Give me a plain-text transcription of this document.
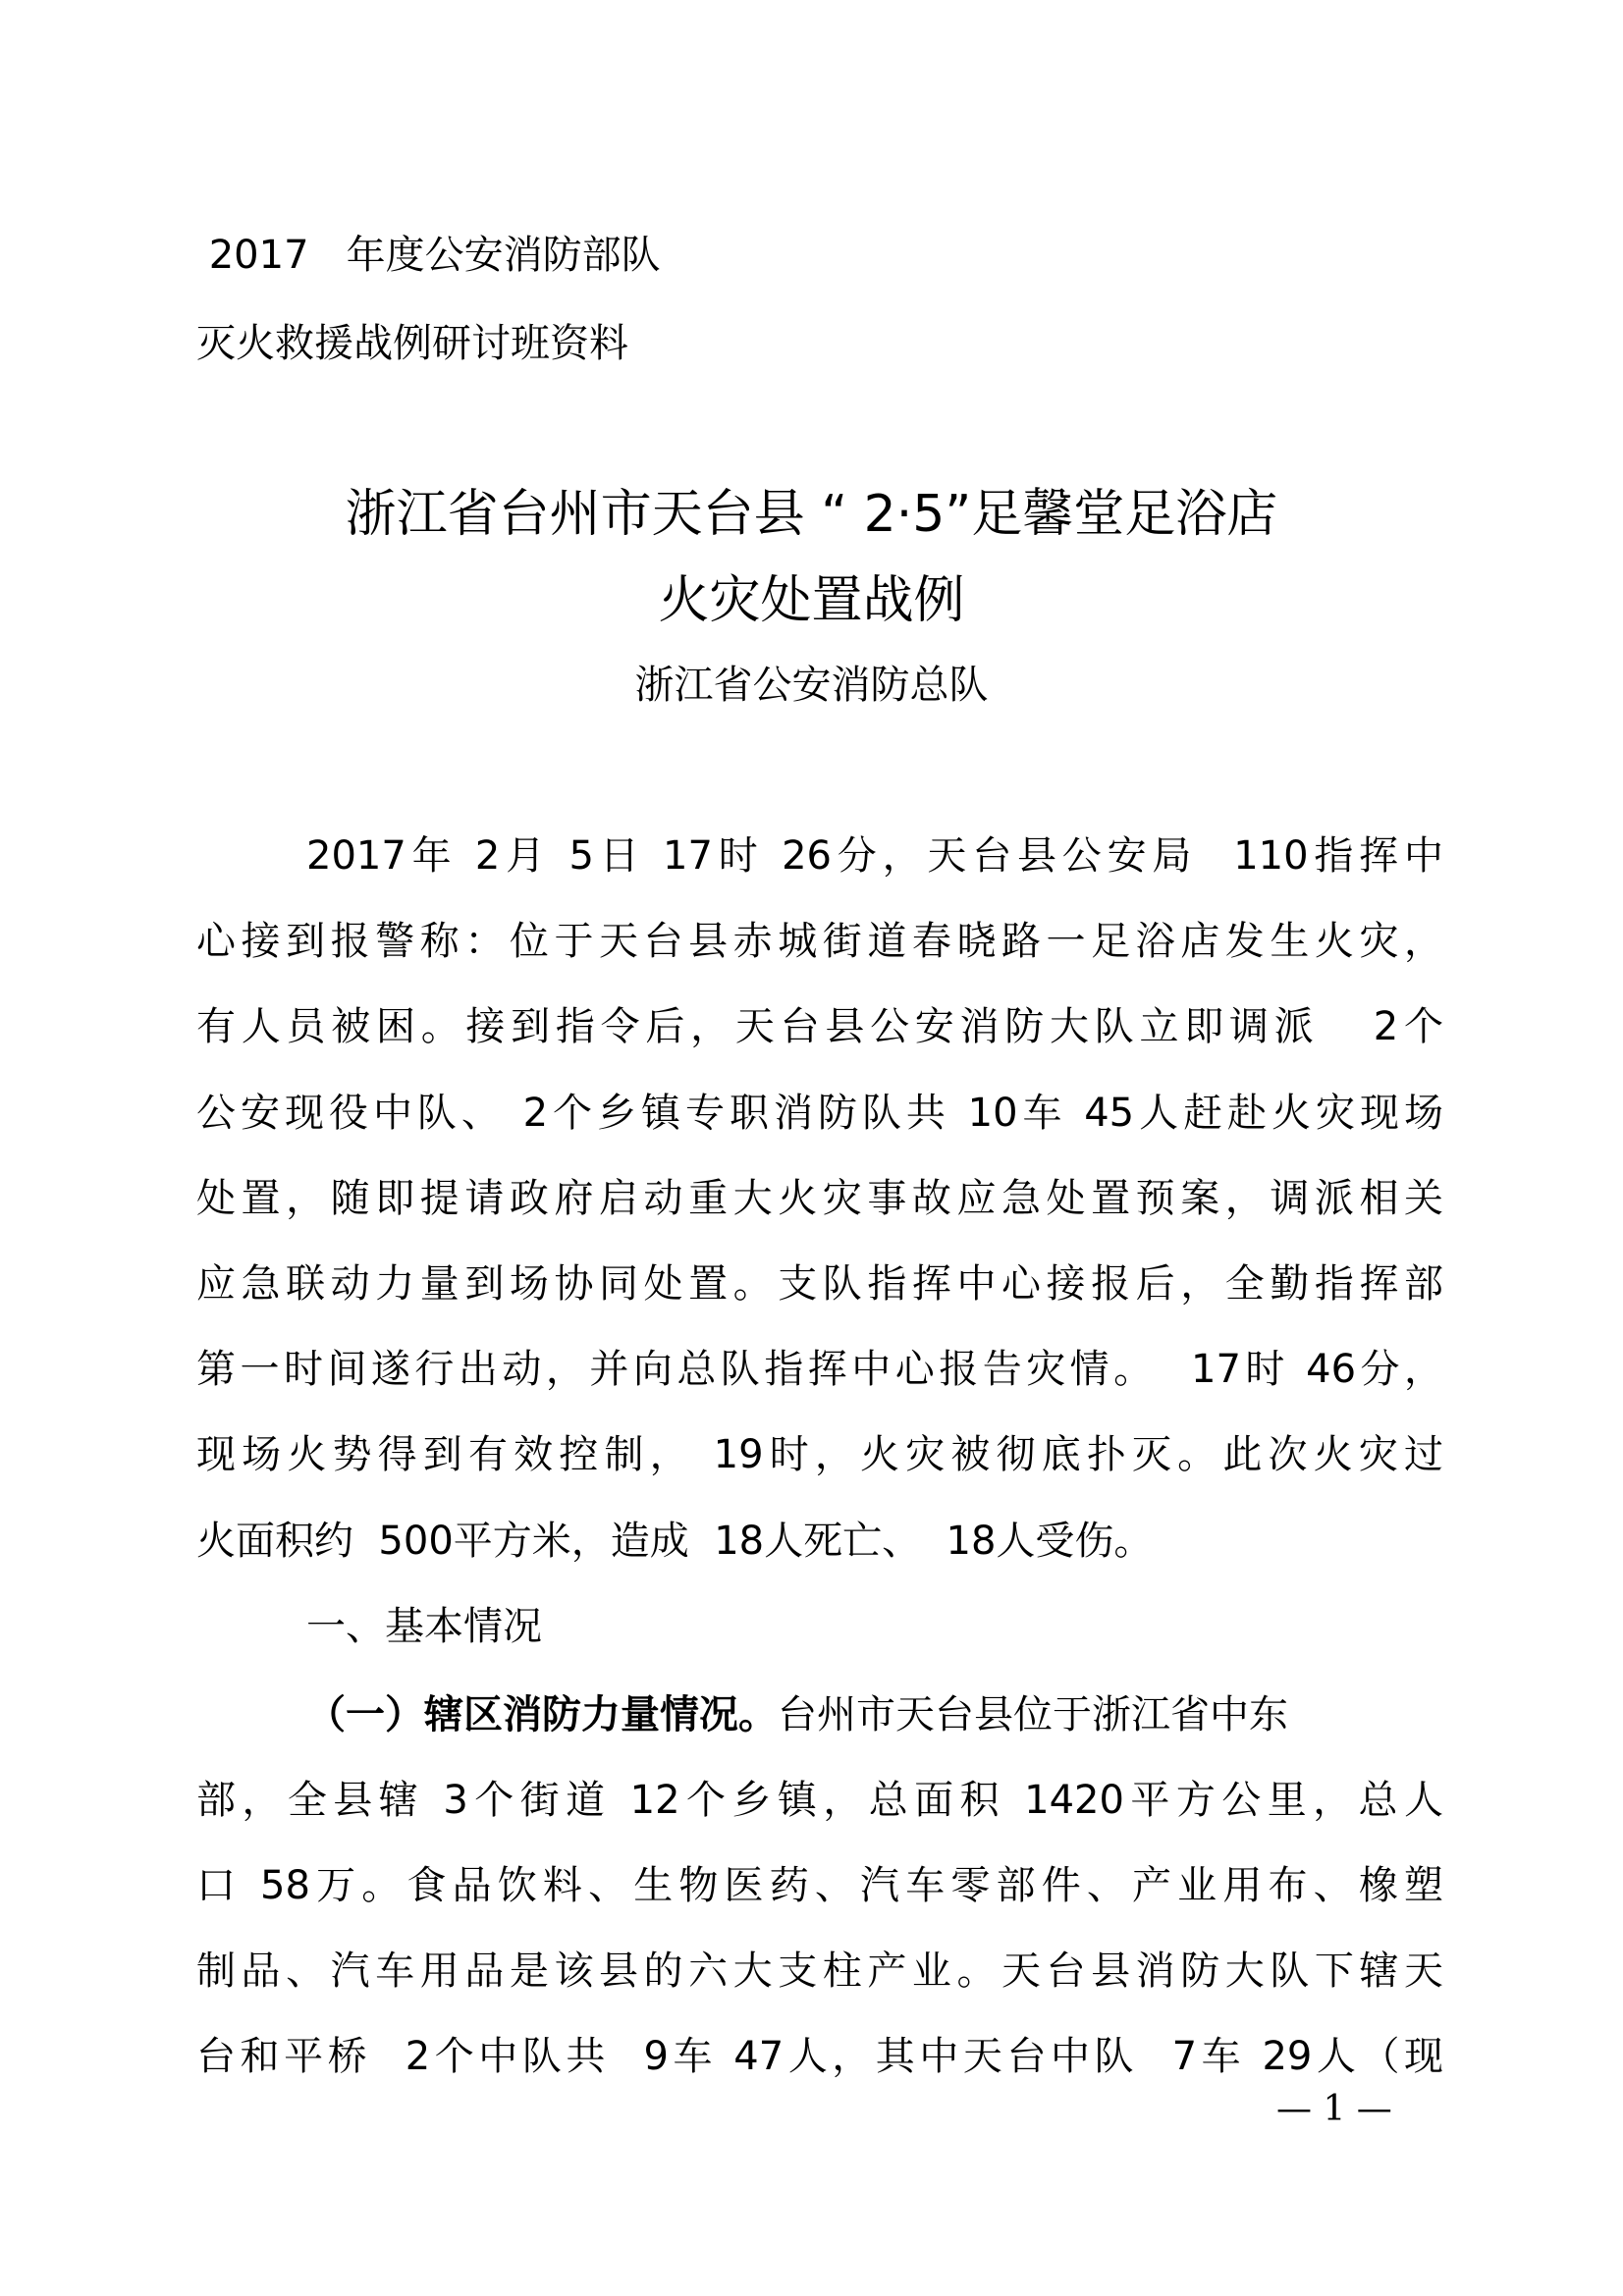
2017   年度公安消防部队
灭火救援战例研讨班资料
浙江省台州市天台县 “ 2·5”足馨堂足浴店
火灾处置战例
浙江省公安消防总队
2017年 2月 5日 17时 26分，天台县公安局  110指挥中
心接到报警称：位于天台县赤城街道春晓路一足浴店发生火灾，
有人员被困。接到指令后，天台县公安消防大队立即调派   2个
公安现役中队、 2个乡镇专职消防队共 10车 45人赶赴火灾现场
处置，随即提请政府启动重大火灾事故应急处置预案，调派相关
应急联动力量到场协同处置。支队指挥中心接报后，全勤指挥部
第一时间遂行出动，并向总队指挥中心报告灾情。  17时 46分，
现场火势得到有效控制， 19时，火灾被彻底扑灭。此次火灾过
火面积约  500平方米，造成  18人死亡、  18人受伤。
一、基本情况
（一）辖区消防力量情况。台州市天台县位于浙江省中东
部，全县辖 3个街道 12个乡镇，总面积 1420平方公里，总人
口 58万。食品饮料、生物医药、汽车零部件、产业用布、橡塑
制品、汽车用品是该县的六大支柱产业。天台县消防大队下辖天
台和平桥  2个中队共  9车 47人，其中天台中队  7车 29人（现
— 1 —
